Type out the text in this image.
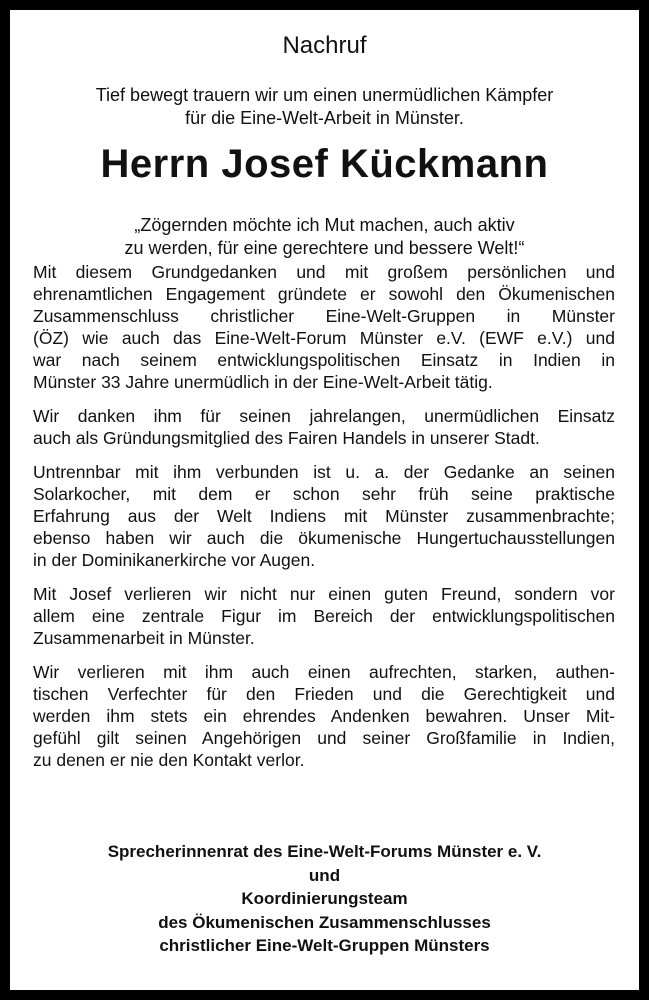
Nachruf
Tief bewegt trauern wir um einen unermüdlichen Kämpfer
für die Eine-Welt-Arbeit in Münster.
Herrn Josef Kückmann
„Zögernden möchte ich Mut machen, auch aktiv
zu werden, für eine gerechtere und bessere Welt!“
Mit diesem Grundgedanken und mit großem persönlichen und
ehrenamtlichen Engagement gründete er sowohl den Ökumenischen
Zusammenschluss christlicher Eine-Welt-Gruppen in Münster
(ÖZ) wie auch das Eine-Welt-Forum Münster e.V. (EWF e.V.) und
war nach seinem entwicklungspolitischen Einsatz in Indien in
Münster 33 Jahre unermüdlich in der Eine-Welt-Arbeit tätig.
Wir danken ihm für seinen jahrelangen, unermüdlichen Einsatz
auch als Gründungsmitglied des Fairen Handels in unserer Stadt.
Untrennbar mit ihm verbunden ist u. a. der Gedanke an seinen
Solarkocher, mit dem er schon sehr früh seine praktische
Erfahrung aus der Welt Indiens mit Münster zusammenbrachte;
ebenso haben wir auch die ökumenische Hungertuchausstellungen
in der Dominikanerkirche vor Augen.
Mit Josef verlieren wir nicht nur einen guten Freund, sondern vor
allem eine zentrale Figur im Bereich der entwicklungspolitischen
Zusammenarbeit in Münster.
Wir verlieren mit ihm auch einen aufrechten, starken, authen-
tischen Verfechter für den Frieden und die Gerechtigkeit und
werden ihm stets ein ehrendes Andenken bewahren. Unser Mit-
gefühl gilt seinen Angehörigen und seiner Großfamilie in Indien,
zu denen er nie den Kontakt verlor.
Sprecherinnenrat des Eine-Welt-Forums Münster e. V.
und
Koordinierungsteam
des Ökumenischen Zusammenschlusses
christlicher Eine-Welt-Gruppen Münsters
